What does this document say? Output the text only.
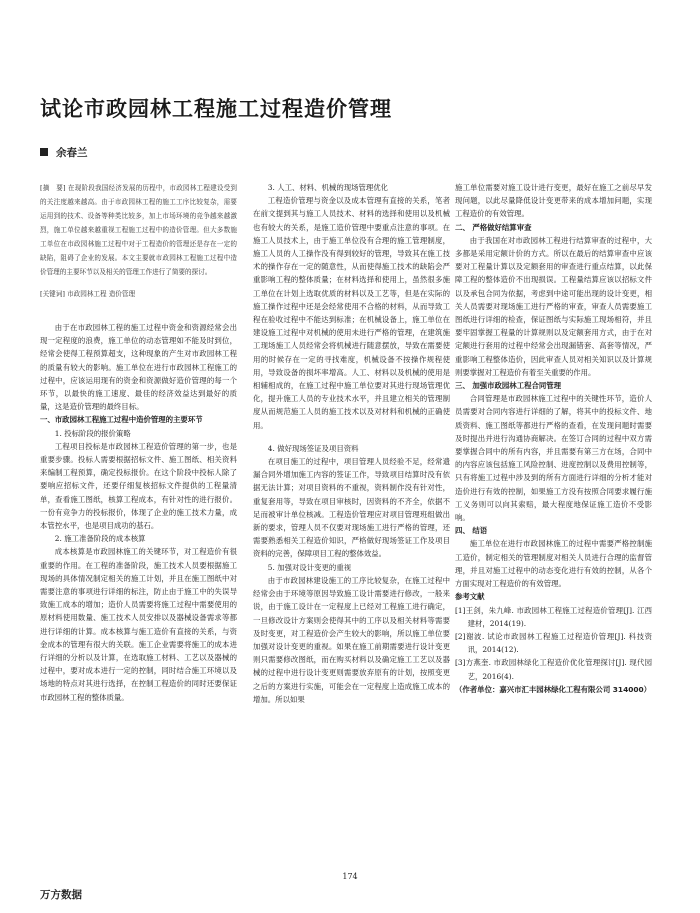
试论市政园林工程施工过程造价管理
余春兰

[摘　要] 在现阶段我国经济发展的历程中，市政园林工程建设受到的关注度越来越高。由于市政园林工程的施工工序比较复杂，需要运用到的技术、设备等种类比较多，加上市场环境的竞争越来越激烈，施工单位越来越重视工程施工过程中的造价管理。但大多数施工单位在市政园林施工过程中对于工程造价的管理还是存在一定的缺陷，阻碍了企业的发展。本文主要就市政园林工程施工过程中造价管理的主要环节以及相关的管理工作进行了简要的探讨。

[关键词] 市政园林工程 造价管理

由于在市政园林工程的施工过程中资金和资源经常会出现一定程度的浪费，施工单位的动态管理如不能及时到位，经常会使得工程预算超支，这种现象的产生对市政园林工程的质量有较大的影响。施工单位在进行市政园林工程施工的过程中，应该运用现有的资金和资源做好造价管理的每一个环节，以最快的施工速度、最佳的经济效益达到最好的质量，这是造价管理的最终目标。

一、市政园林工程施工过程中造价管理的主要环节

1. 投标阶段的报价策略

工程项目投标是市政园林工程造价管理的第一步，也是重要步骤。投标人需要根据招标文件、施工图纸、相关资料来编制工程预算，确定投标报价。在这个阶段中投标人除了要响应招标文件，还要仔细复核招标文件提供的工程量清单，查看施工图纸，核算工程成本，有针对性的进行报价。一份有竞争力的投标报价，体现了企业的施工技术力量，成本管控水平，也是项目成功的基石。

2. 施工准备阶段的成本核算

成本核算是市政园林施工的关键环节，对工程造价有很重要的作用。在工程的准备阶段，施工技术人员要根据施工现场的具体情况制定相关的施工计划，并且在施工图纸中对需要注意的事项进行详细的标注，防止由于施工中的失误导致施工成本的增加；造价人员需要将施工过程中需要使用的原材料使用数量、施工技术人员安排以及器械设备需求等都进行详细的计算。成本核算与施工造价有直接的关系，与资金成本的管理有很大的关联。施工企业需要将施工的成本进行详细的分析以及计算，在选取施工材料、工艺以及器械的过程中，要对成本进行一定的控制，同时结合施工环境以及场地的特点对其进行选择，在控制工程造价的同时还要保证市政园林工程的整体质量。

3. 人工、材料、机械的现场管理优化

工程造价管理与资金以及成本管理有直接的关系，笔者在前文提到其与施工人员技术、材料的选择和使用以及机械也有较大的关系，是施工造价管理中要重点注意的事项。在施工人员技术上，由于施工单位没有合理的施工管理制度，施工人员的人工操作没有得到较好的管理，导致其在施工技术的操作存在一定的随意性，从而使得施工技术的缺陷会严重影响工程的整体质量；在材料选择和使用上，虽然很多施工单位在计划上选取优质的材料以及工艺等，但是在实际的施工操作过程中还是会经常使用不合格的材料，从而导致工程在验收过程中不能达到标准；在机械设备上，施工单位在建设施工过程中对机械的使用未进行严格的管理，在建筑施工现场施工人员经常会将机械进行随意摆放，导致在需要使用的时候存在一定的寻找难度，机械设备不按操作规程使用，导致设备的损坏率增高。人工、材料以及机械的使用是相辅相成的，在施工过程中施工单位要对其进行现场管理优化，提升施工人员的专业技术水平，并且建立相关的管理制度从而规范施工人员的施工技术以及对材料和机械的正确使用。

4. 做好现场签证及项目资料

在项目施工的过程中，项目管理人员经验不足，经常遗漏合同外增加施工内容的签证工作，导致项目结算时没有依据无法计算；对项目资料的不重视，资料制作没有针对性，重复套用等，导致在项目审核时，因资料的不齐全，依据不足而被审计单位核减。工程造价管理应对项目管理班组做出新的要求，管理人员不仅要对现场施工进行严格的管理，还需要熟悉相关工程造价知识，严格做好现场签证工作及项目资料的完善，保障项目工程的整体效益。

5. 加强对设计变更的重视

由于市政园林建设施工的工序比较复杂，在施工过程中经常会由于环境等原因导致施工设计需要进行修改，一般来说，由于施工设计在一定程度上已经对工程施工进行确定，一旦修改设计方案则会使得其中的工序以及相关材料等需要及时变更，对工程造价会产生较大的影响，所以施工单位要加强对设计变更的重视。如果在施工前期需要进行设计变更则只需要修改图纸，而在购买材料以及确定施工工艺以及器械的过程中进行设计变更则需要放弃原有的计划，按照变更之后的方案进行实施，可能会在一定程度上造成施工成本的增加。所以如果

施工单位需要对施工设计进行变更，最好在施工之前尽早发现问题，以此尽量降低设计变更带来的成本增加问题，实现工程造价的有效管理。

二、 严格做好结算审查

由于我国在对市政园林工程进行结算审查的过程中，大多都是采用定额计价的方式。所以在最后的结算审查中应该要对工程量计算以及定额套用的审查进行重点结算，以此保障工程的整体造价不出现损误。工程量结算应该以招标文件以及承包合同为依据，考虑到中途可能出现的设计变更，相关人员需要对现场施工进行严格的审查，审查人员需要施工图纸进行详细的检查，保证图纸与实际施工现场相符，并且要牢固掌握工程量的计算规则以及定额套用方式，由于在对定额进行套用的过程中经常会出现漏错套、高套等情况，严重影响工程整体造价，因此审查人员对相关知识以及计算规则要掌握对工程造价有着至关重要的作用。

三、 加强市政园林工程合同管理

合同管理是市政园林施工过程中的关键性环节，造价人员需要对合同内容进行详细的了解，将其中的投标文件、地质资料、施工图纸等都进行严格的查看，在发现问题时需要及时提出并进行沟通协商解决。在签订合同的过程中双方需要掌握合同中的所有内容，并且需要有第三方在场，合同中的内容应该包括施工风险控制、进度控制以及费用控制等，只有将施工过程中涉及到的所有方面进行详细的分析才能对造价进行有效的控制，如果施工方没有按照合同要求履行施工义务则可以向其索赔，最大程度地保证施工造价不受影响。

四、 结语

施工单位在进行市政园林施工的过程中需要严格控制施工造价，制定相关的管理制度对相关人员进行合理的监督管理，并且对施工过程中的动态变化进行有效的控制，从各个方面实现对工程造价的有效管理。

参考文献

[1]王剑，朱九峰. 市政园林工程施工过程造价管理[J]. 江西建材，2014(19).

[2]谢波. 试论市政园林工程施工过程造价管理[J]. 科技资讯，2014(12).

[3]方燕奎. 市政园林绿化工程造价优化管理探讨[J]. 现代园艺，2016(4).

（作者单位：嘉兴市汇丰园林绿化工程有限公司 314000）

174
万方数据
